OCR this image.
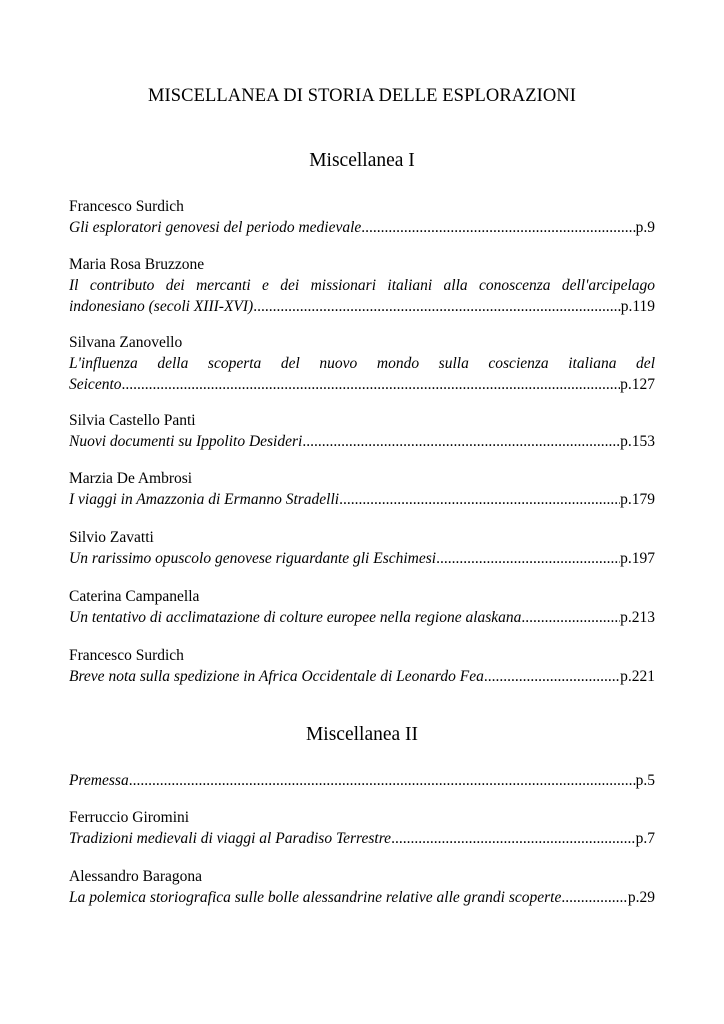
MISCELLANEA DI STORIA DELLE ESPLORAZIONI
Miscellanea I
Francesco Surdich
Gli esploratori genovesi del periodo medievale .....	p.9
Maria Rosa Bruzzone
Il contributo dei mercanti e dei missionari italiani alla conoscenza dell'arcipelago
indonesiano (secoli XIII-XVI) .....	p.119
Silvana Zanovello
L'influenza della scoperta del nuovo mondo sulla coscienza italiana del
Seicento .....	p.127
Silvia Castello Panti
Nuovi documenti su Ippolito Desideri .....	p.153
Marzia De Ambrosi
I viaggi in Amazzonia di Ermanno Stradelli .....	p.179
Silvio Zavatti
Un rarissimo opuscolo genovese riguardante gli Eschimesi .....	p.197
Caterina Campanella
Un tentativo di acclimatazione di colture europee nella regione alaskana .....	p.213
Francesco Surdich
Breve nota sulla spedizione in Africa Occidentale di Leonardo Fea .....	p.221
Miscellanea II
Premessa .....	p.5
Ferruccio Giromini
Tradizioni medievali di viaggi al Paradiso Terrestre .....	p.7
Alessandro Baragona
La polemica storiografica sulle bolle alessandrine relative alle grandi scoperte .....	p.29
